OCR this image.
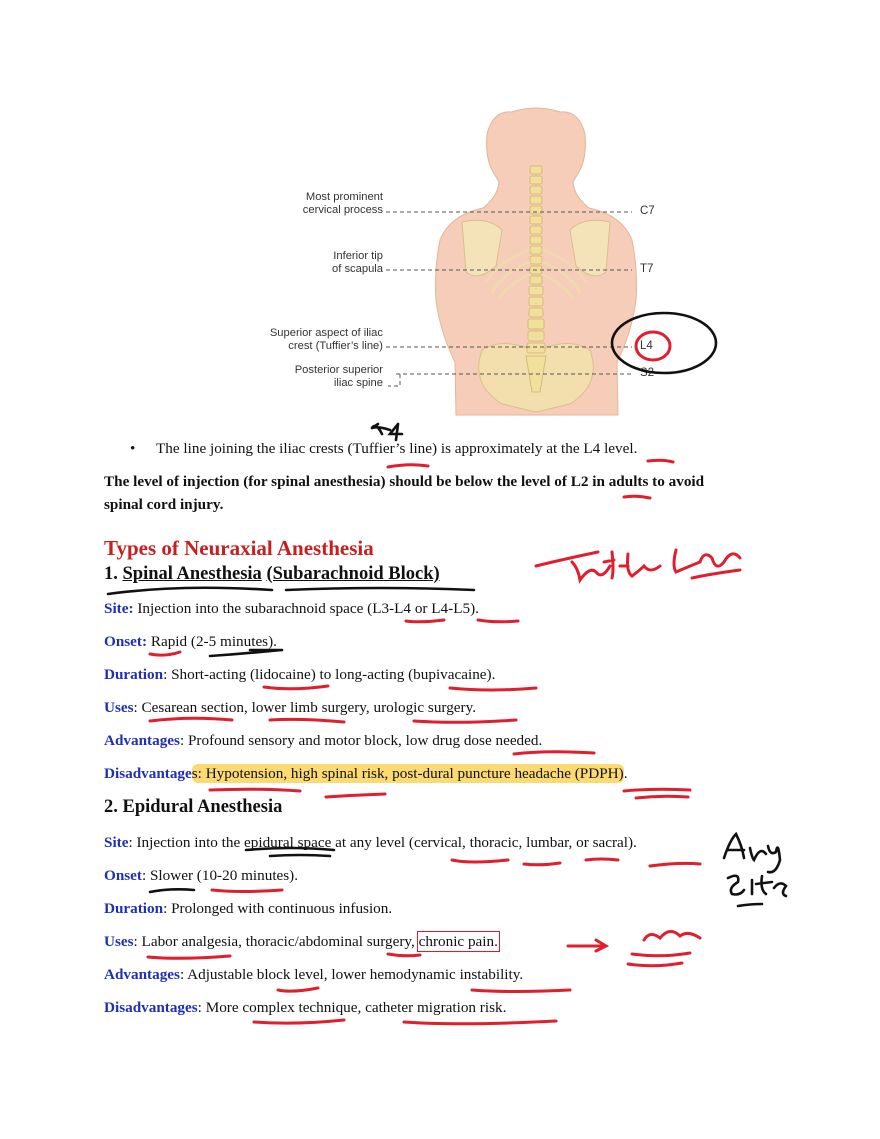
Most prominent
cervical process
Inferior tip
of scapula
Superior aspect of iliac
crest (Tuffier’s line)
Posterior superior
iliac spine
C7
T7
L4
S2
• The line joining the iliac crests (Tuffier’s line) is approximately at the L4 level.
The level of injection (for spinal anesthesia) should be below the level of L2 in adults to avoid
spinal cord injury.
Types of Neuraxial Anesthesia
1. Spinal Anesthesia (Subarachnoid Block)
Site: Injection into the subarachnoid space (L3-L4 or L4-L5).
Onset: Rapid (2-5 minutes).
Duration: Short-acting (lidocaine) to long-acting (bupivacaine).
Uses: Cesarean section, lower limb surgery, urologic surgery.
Advantages: Profound sensory and motor block, low drug dose needed.
Disadvantages: Hypotension, high spinal risk, post-dural puncture headache (PDPH).
2. Epidural Anesthesia
Site: Injection into the epidural space at any level (cervical, thoracic, lumbar, or sacral).
Onset: Slower (10-20 minutes).
Duration: Prolonged with continuous infusion.
Uses: Labor analgesia, thoracic/abdominal surgery, chronic pain.
Advantages: Adjustable block level, lower hemodynamic instability.
Disadvantages: More complex technique, catheter migration risk.
